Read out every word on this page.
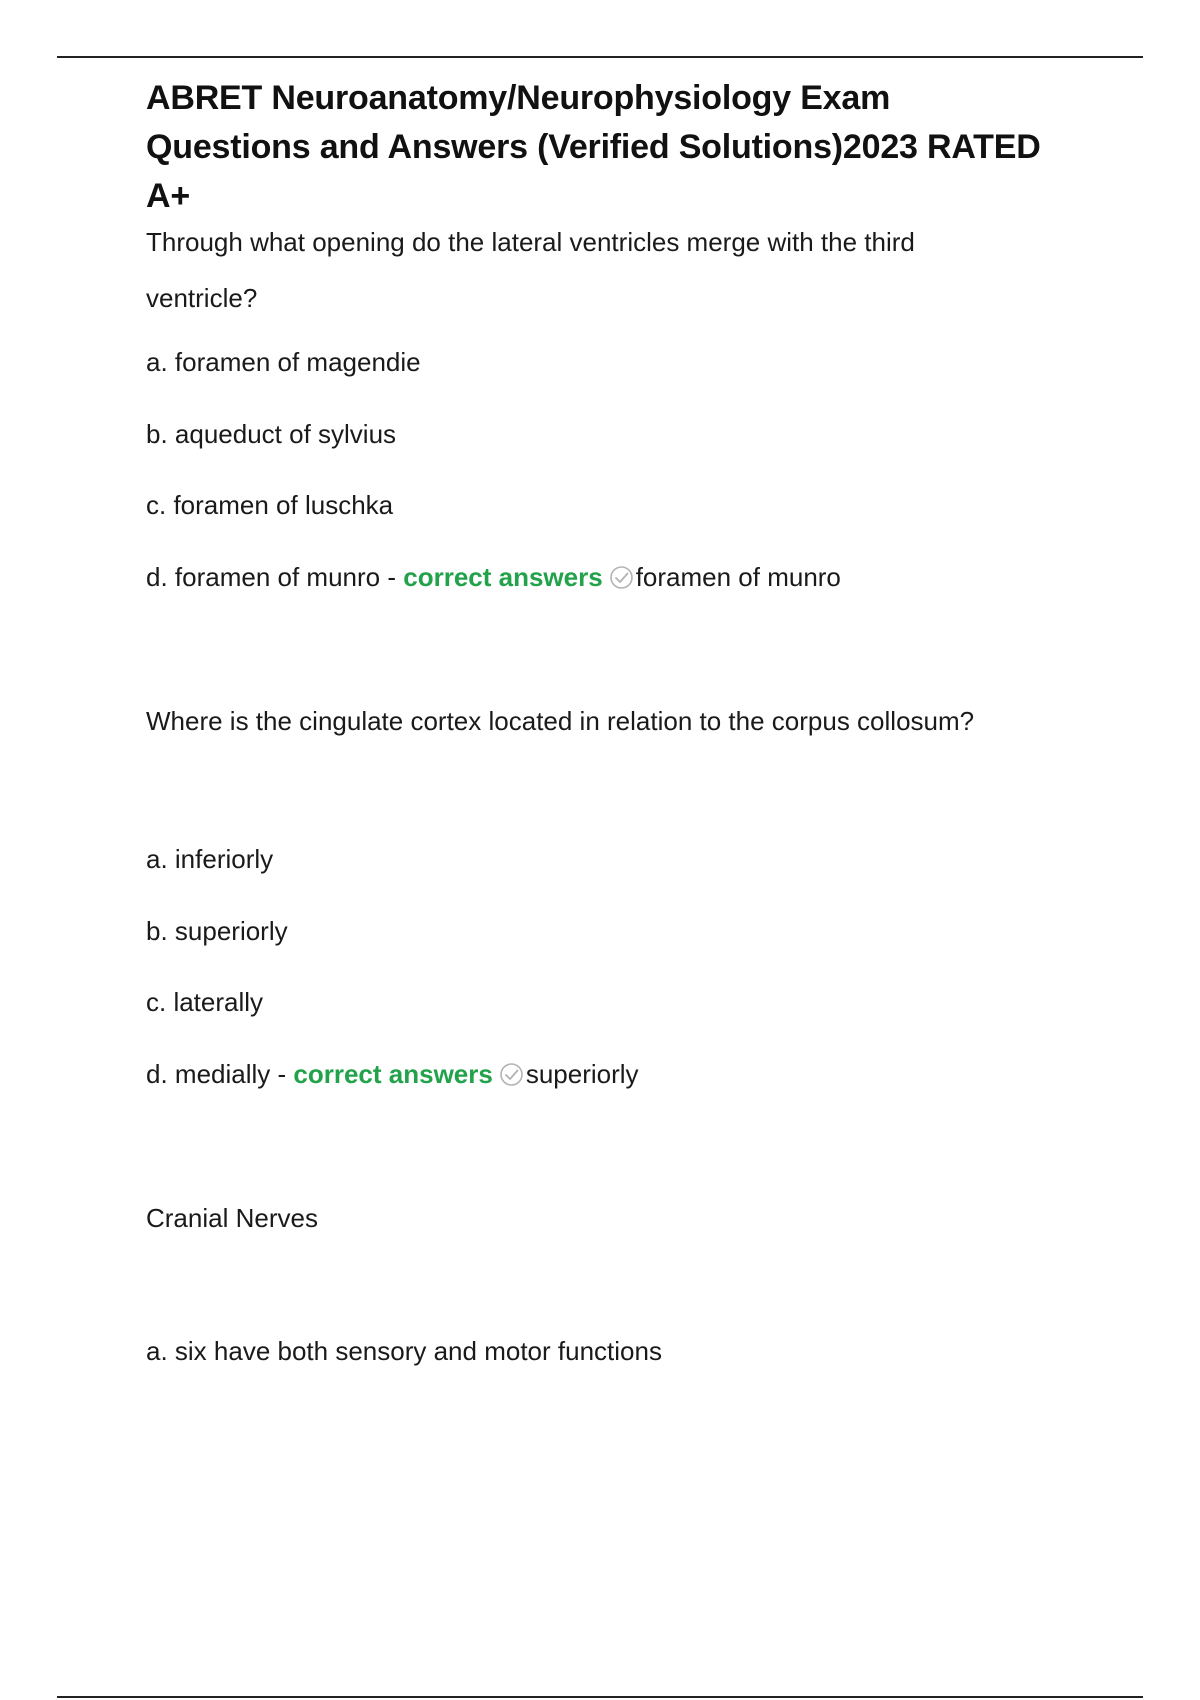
ABRET Neuroanatomy/Neurophysiology Exam Questions and Answers (Verified Solutions)2023 RATED A+

Through what opening do the lateral ventricles merge with the third ventricle?

a. foramen of magendie

b. aqueduct of sylvius

c. foramen of luschka

d. foramen of munro - correct answers foramen of munro

Where is the cingulate cortex located in relation to the corpus collosum?

a. inferiorly

b. superiorly

c. laterally

d. medially - correct answers superiorly

Cranial Nerves

a. six have both sensory and motor functions
